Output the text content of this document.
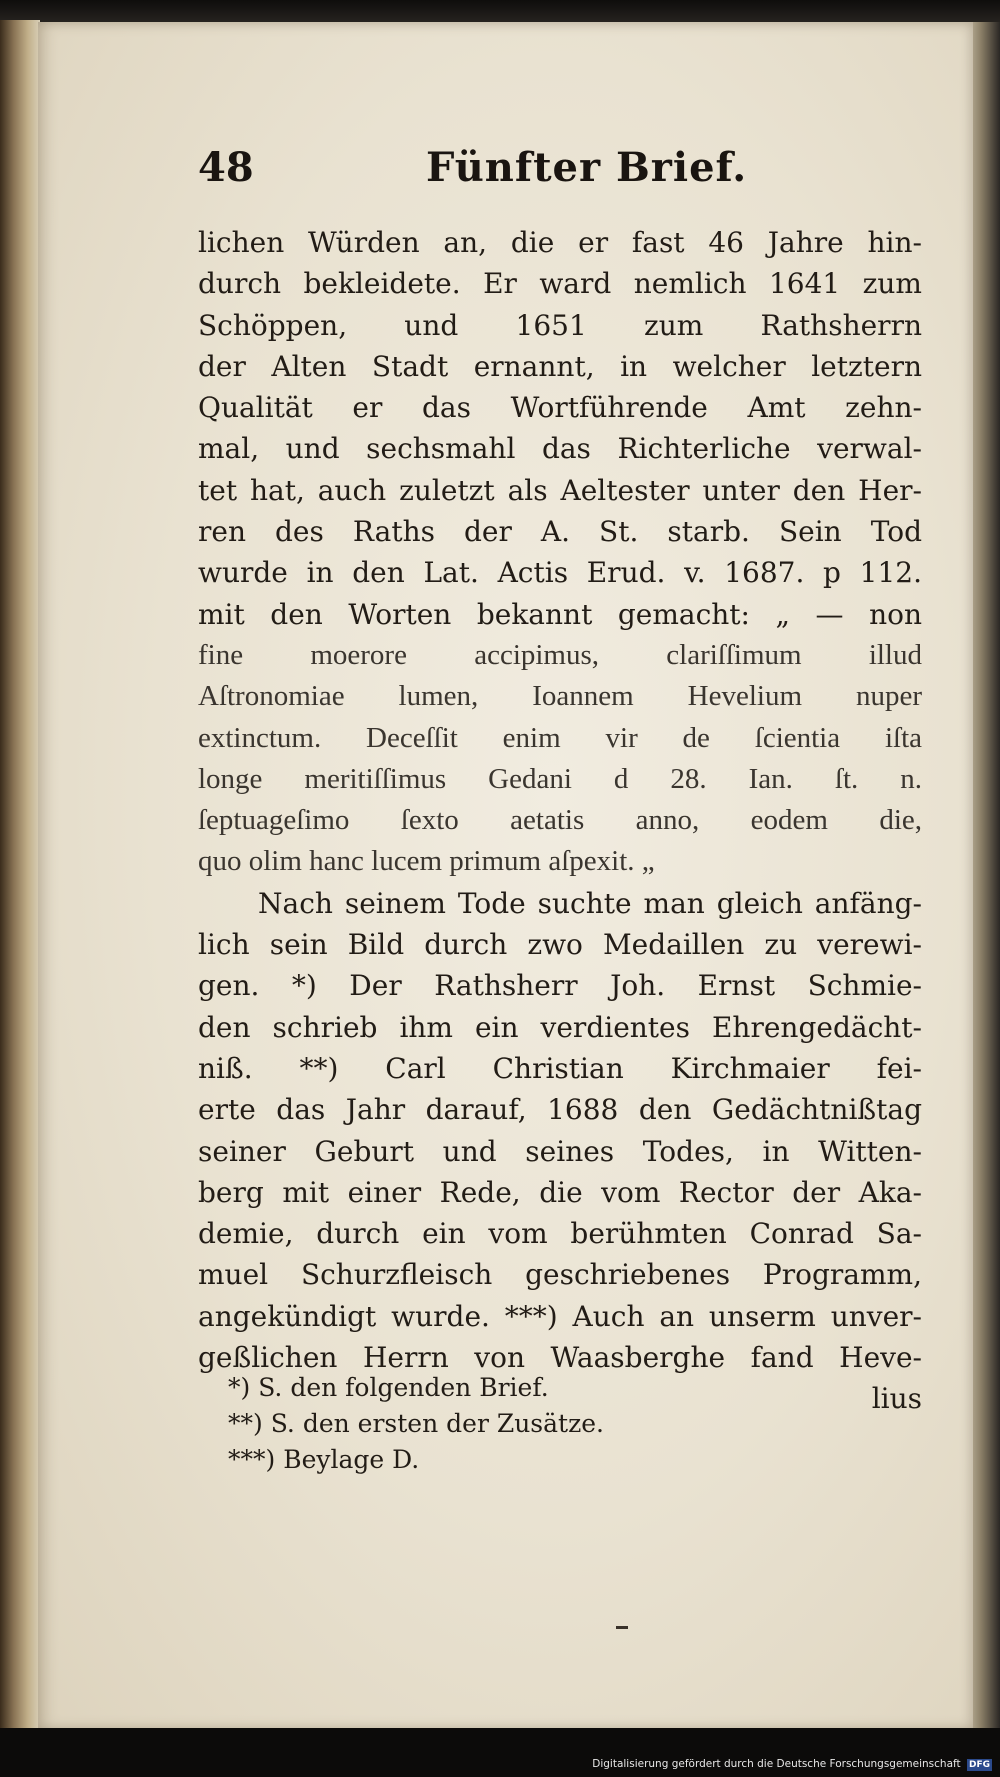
48	Fünfter Brief.
lichen Würden an, die er fast 46 Jahre hin-
durch bekleidete. Er ward nemlich 1641 zum
Schöppen, und 1651 zum Rathsherrn
der Alten Stadt ernannt, in welcher letztern
Qualität er das Wortführende Amt zehn-
mal, und sechsmahl das Richterliche verwal-
tet hat, auch zuletzt als Aeltester unter den Her-
ren des Raths der A. St. starb. Sein Tod
wurde in den Lat. Actis Erud. v. 1687. p 112.
mit den Worten bekannt gemacht: „ — non
fine moerore accipimus, clariſſimum illud
Aſtronomiae lumen, Ioannem Hevelium nuper
extinctum. Deceſſit enim vir de ſcientia iſta
longe meritiſſimus Gedani d 28. Ian. ſt. n.
ſeptuageſimo ſexto aetatis anno, eodem die,
quo olim hanc lucem primum aſpexit. „
Nach seinem Tode suchte man gleich anfäng-
lich sein Bild durch zwo Medaillen zu verewi-
gen. *) Der Rathsherr Joh. Ernst Schmie-
den schrieb ihm ein verdientes Ehrengedächt-
niß. **) Carl Christian Kirchmaier fei-
erte das Jahr darauf, 1688 den Gedächtnißtag
seiner Geburt und seines Todes, in Witten-
berg mit einer Rede, die vom Rector der Aka-
demie, durch ein vom berühmten Conrad Sa-
muel Schurzfleisch geschriebenes Programm,
angekündigt wurde. ***) Auch an unserm unver-
geßlichen Herrn von Waasberghe fand Heve-
lius
*) S. den folgenden Brief.
**) S. den ersten der Zusätze.
***) Beylage D.
Digitalisierung gefördert durch die Deutsche Forschungsgemeinschaft DFG
